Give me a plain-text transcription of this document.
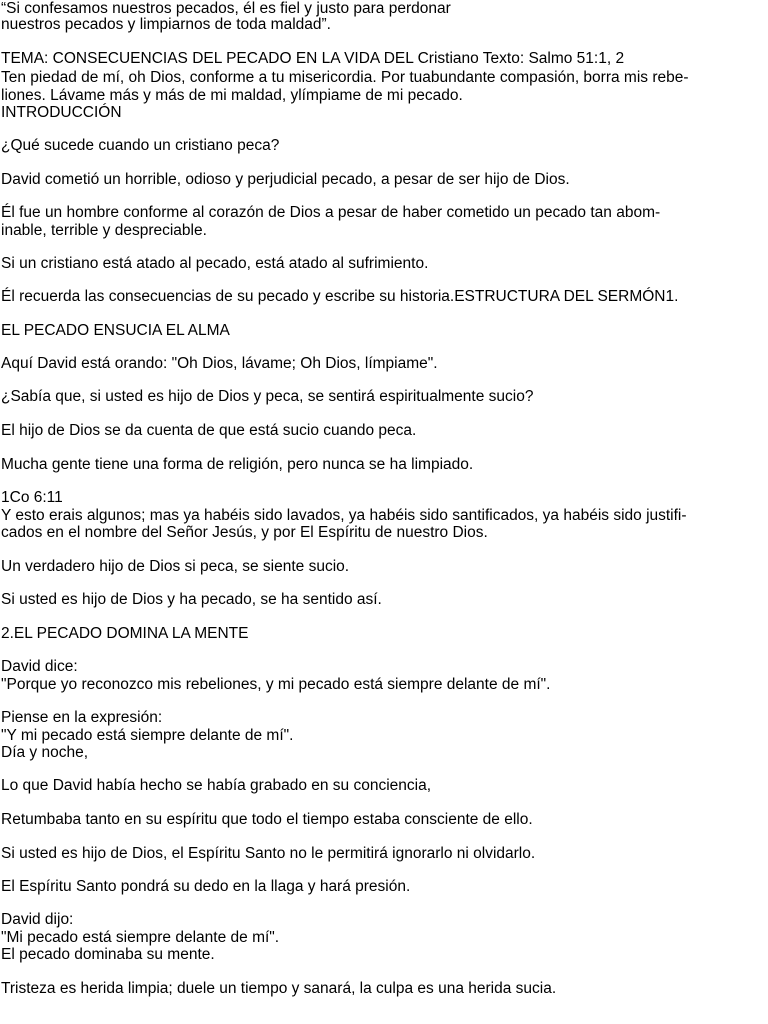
“Si confesamos nuestros pecados, él es fiel y justo para perdonar
nuestros pecados y limpiarnos de toda maldad”.
TEMA: CONSECUENCIAS DEL PECADO EN LA VIDA DEL Cristiano Texto: Salmo 51:1, 2
Ten piedad de mí, oh Dios, conforme a tu misericordia. Por tuabundante compasión, borra mis rebe-
liones. Lávame más y más de mi maldad, ylímpiame de mi pecado.
INTRODUCCIÓN
¿Qué sucede cuando un cristiano peca?
David cometió un horrible, odioso y perjudicial pecado, a pesar de ser hijo de Dios.
Él fue un hombre conforme al corazón de Dios a pesar de haber cometido un pecado tan abom-
inable, terrible y despreciable.
Si un cristiano está atado al pecado, está atado al sufrimiento.
Él recuerda las consecuencias de su pecado y escribe su historia.ESTRUCTURA DEL SERMÓN1.
EL PECADO ENSUCIA EL ALMA
Aquí David está orando: "Oh Dios, lávame; Oh Dios, límpiame".
¿Sabía que, si usted es hijo de Dios y peca, se sentirá espiritualmente sucio?
El hijo de Dios se da cuenta de que está sucio cuando peca.
Mucha gente tiene una forma de religión, pero nunca se ha limpiado.
1Co 6:11
Y esto erais algunos; mas ya habéis sido lavados, ya habéis sido santificados, ya habéis sido justifi-
cados en el nombre del Señor Jesús, y por El Espíritu de nuestro Dios.
Un verdadero hijo de Dios si peca, se siente sucio.
Si usted es hijo de Dios y ha pecado, se ha sentido así.
2.EL PECADO DOMINA LA MENTE
David dice:
"Porque yo reconozco mis rebeliones, y mi pecado está siempre delante de mí".
Piense en la expresión:
"Y mi pecado está siempre delante de mí".
Día y noche,
Lo que David había hecho se había grabado en su conciencia,
Retumbaba tanto en su espíritu que todo el tiempo estaba consciente de ello.
Si usted es hijo de Dios, el Espíritu Santo no le permitirá ignorarlo ni olvidarlo.
El Espíritu Santo pondrá su dedo en la llaga y hará presión.
David dijo:
"Mi pecado está siempre delante de mí".
El pecado dominaba su mente.
Tristeza es herida limpia; duele un tiempo y sanará, la culpa es una herida sucia.
